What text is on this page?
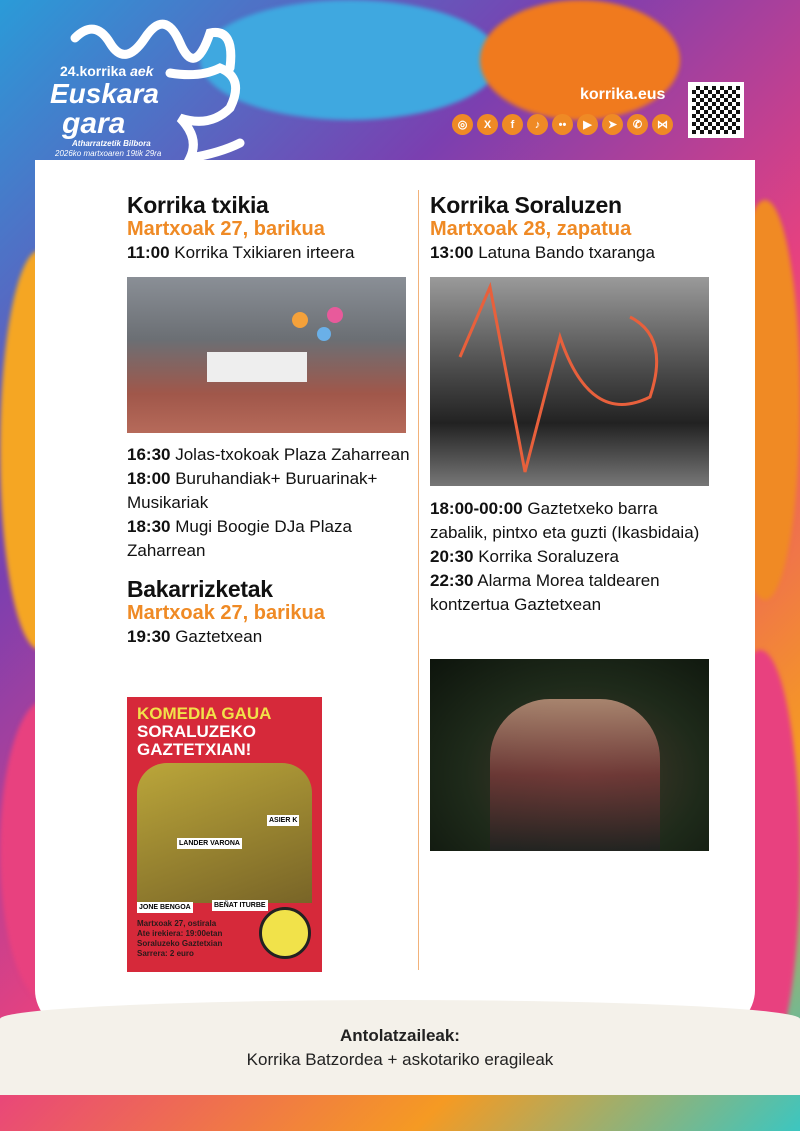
24.korrika aek
Euskara
gara
Atharratzetik Bilbora
2026ko martxoaren 19tik 29ra
korrika.eus
◎	X	f	♪	••	▶	➤	✆	⋈
Korrika txikia
Martxoak 27, barikua

11:00 Korrika Txikiaren irteera

16:30 Jolas-txokoak Plaza Zaharrean

18:00 Buruhandiak+ Buruarinak+ Musikariak

18:30 Mugi Boogie DJa Plaza Zaharrean

Bakarrizketak
Martxoak 27, barikua

19:30 Gaztetxean

KOMEDIA GAUA
SORALUZEKO
GAZTETXIAN!
LANDER VARONA
ASIER K
JONE BENGOA	BEÑAT ITURBE
Martxoak 27, ostirala
Ate irekiera: 19:00etan
Soraluzeko Gaztetxian
Sarrera: 2 euro
Korrika Soraluzen
Martxoak 28, zapatua

13:00 Latuna Bando txaranga

18:00-00:00 Gaztetxeko barra zabalik, pintxo eta guzti (Ikasbidaia)

20:30 Korrika Soraluzera

22:30 Alarma Morea taldearen kontzertua Gaztetxean

Antolatzaileak:
Korrika Batzordea + askotariko eragileak
